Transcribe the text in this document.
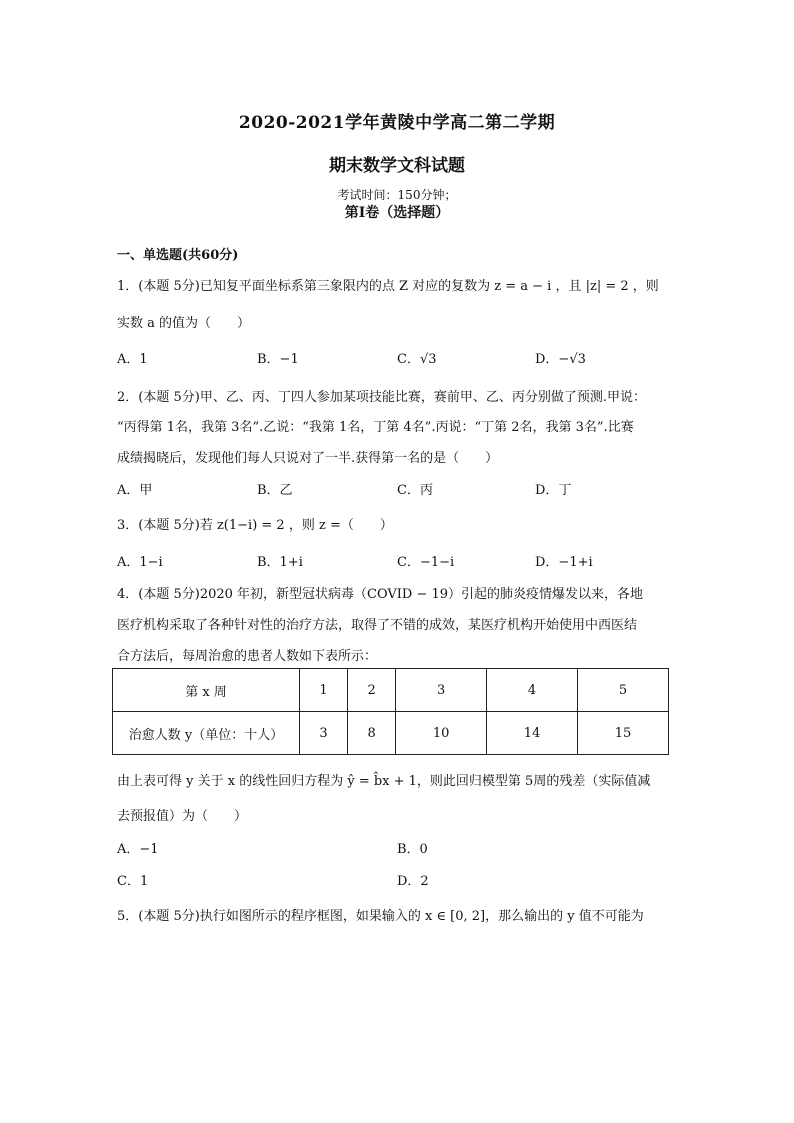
2020-2021学年黄陵中学高二第二学期
期末数学文科试题
考试时间：150分钟；
第I卷（选择题）
一、单选题(共60分)
1．(本题 5分)已知复平面坐标系第三象限内的点 Z 对应的复数为 z = a − i ，且 |z| = 2 ，则
实数 a 的值为（　　）
A．1	B．−1	C．√3	D．−√3
2．(本题 5分)甲、乙、丙、丁四人参加某项技能比赛，赛前甲、乙、丙分别做了预测.甲说：
“丙得第 1名，我第 3名”.乙说：“我第 1名，丁第 4名”.丙说：“丁第 2名，我第 3名”.比赛
成绩揭晓后，发现他们每人只说对了一半.获得第一名的是（　　）
A．甲	B．乙	C．丙	D．丁
3．(本题 5分)若 z(1−i) = 2 ，则 z =（　　）
A．1−i	B．1+i	C．−1−i	D．−1+i
4．(本题 5分)2020 年初，新型冠状病毒（COVID − 19）引起的肺炎疫情爆发以来，各地
医疗机构采取了各种针对性的治疗方法，取得了不错的成效，某医疗机构开始使用中西医结
合方法后，每周治愈的患者人数如下表所示：
第 x 周	1	2	3	4	5
治愈人数 y（单位：十人）	3	8	10	14	15
由上表可得 y 关于 x 的线性回归方程为 ŷ = b̂x + 1，则此回归模型第 5周的残差（实际值减
去预报值）为（　　）
A．−1	B．0
C．1	D．2
5．(本题 5分)执行如图所示的程序框图，如果输入的 x ∈ [0, 2]，那么输出的 y 值不可能为
